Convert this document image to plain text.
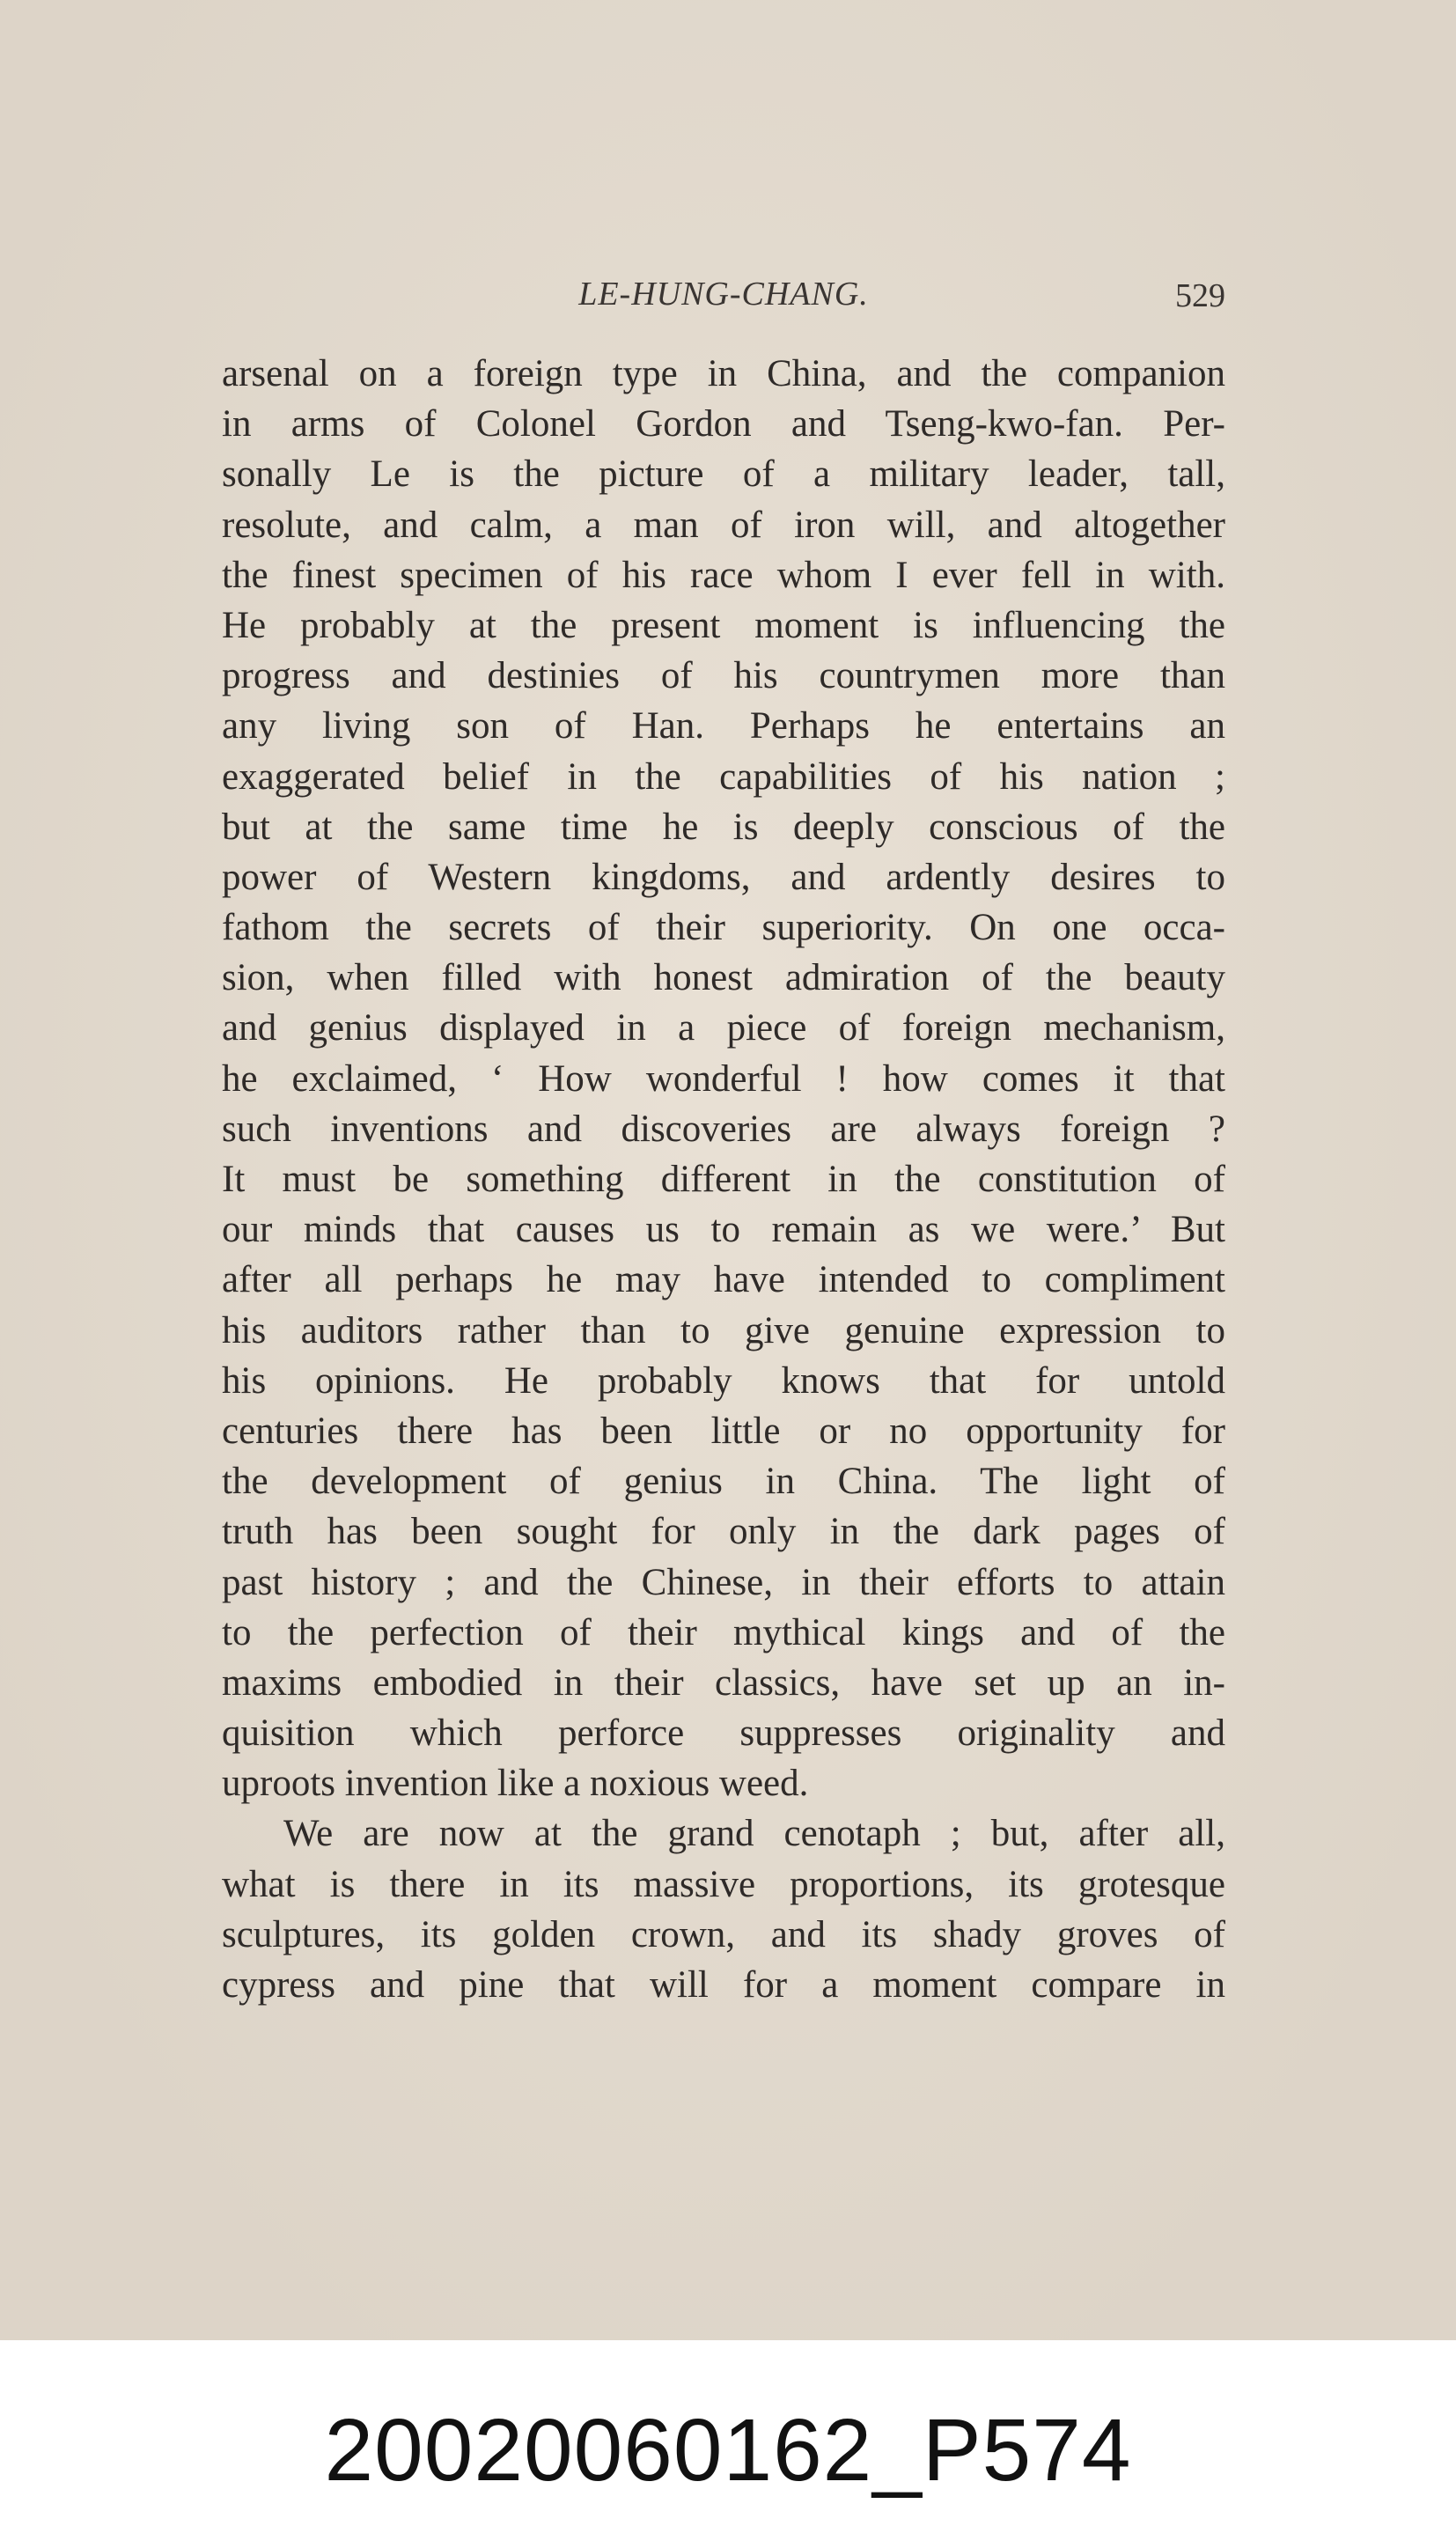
LE-HUNG-CHANG.	529
arsenal on a foreign type in China, and the companion
in arms of Colonel Gordon and Tseng-kwo-fan. Per-
sonally Le is the picture of a military leader, tall,
resolute, and calm, a man of iron will, and altogether
the finest specimen of his race whom I ever fell in with.
He probably at the present moment is influencing the
progress and destinies of his countrymen more than
any living son of Han. Perhaps he entertains an
exaggerated belief in the capabilities of his nation ;
but at the same time he is deeply conscious of the
power of Western kingdoms, and ardently desires to
fathom the secrets of their superiority. On one occa-
sion, when filled with honest admiration of the beauty
and genius displayed in a piece of foreign mechanism,
he exclaimed, ‘ How wonderful ! how comes it that
such inventions and discoveries are always foreign ?
It must be something different in the constitution of
our minds that causes us to remain as we were.’ But
after all perhaps he may have intended to compliment
his auditors rather than to give genuine expression to
his opinions. He probably knows that for untold
centuries there has been little or no opportunity for
the development of genius in China. The light of
truth has been sought for only in the dark pages of
past history ; and the Chinese, in their efforts to attain
to the perfection of their mythical kings and of the
maxims embodied in their classics, have set up an in-
quisition which perforce suppresses originality and
uproots invention like a noxious weed.
We are now at the grand cenotaph ; but, after all,
what is there in its massive proportions, its grotesque
sculptures, its golden crown, and its shady groves of
cypress and pine that will for a moment compare in
20020060162_P574
